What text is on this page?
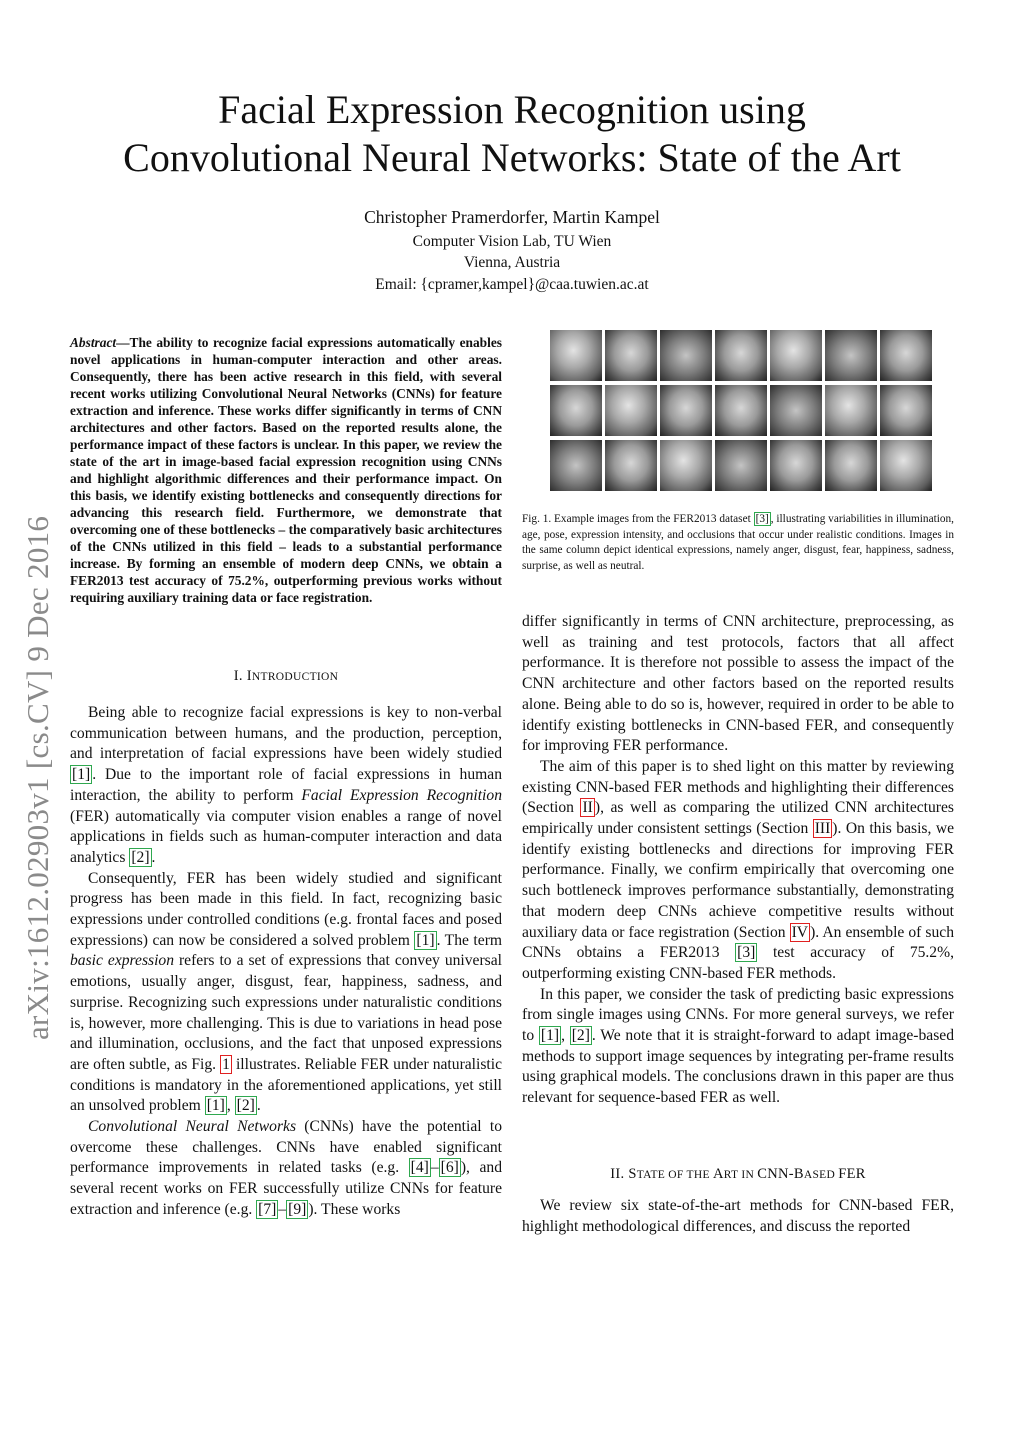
arXiv:1612.02903v1 [cs.CV] 9 Dec 2016
Facial Expression Recognition using
Convolutional Neural Networks: State of the Art
Christopher Pramerdorfer, Martin Kampel
Computer Vision Lab, TU Wien
Vienna, Austria
Email: {cpramer,kampel}@caa.tuwien.ac.at
Abstract—The ability to recognize facial expressions automatically enables novel applications in human-computer interaction and other areas. Consequently, there has been active research in this field, with several recent works utilizing Convolutional Neural Networks (CNNs) for feature extraction and inference. These works differ significantly in terms of CNN architectures and other factors. Based on the reported results alone, the performance impact of these factors is unclear. In this paper, we review the state of the art in image-based facial expression recognition using CNNs and highlight algorithmic differences and their performance impact. On this basis, we identify existing bottlenecks and consequently directions for advancing this research field. Furthermore, we demonstrate that overcoming one of these bottlenecks – the comparatively basic architectures of the CNNs utilized in this field – leads to a substantial performance increase. By forming an ensemble of modern deep CNNs, we obtain a FER2013 test accuracy of 75.2%, outperforming previous works without requiring auxiliary training data or face registration.

I. INTRODUCTION

Being able to recognize facial expressions is key to non-verbal communication between humans, and the production, perception, and interpretation of facial expressions have been widely studied [1] . Due to the important role of facial expressions in human interaction, the ability to perform Facial Expression Recognition (FER) automatically via computer vision enables a range of novel applications in fields such as human-computer interaction and data analytics [2] .

Consequently, FER has been widely studied and significant progress has been made in this field. In fact, recognizing basic expressions under controlled conditions (e.g. frontal faces and posed expressions) can now be considered a solved problem [1] . The term basic expression refers to a set of expressions that convey universal emotions, usually anger, disgust, fear, happiness, sadness, and surprise. Recognizing such expressions under naturalistic conditions is, however, more challenging. This is due to variations in head pose and illumination, occlusions, and the fact that unposed expressions are often subtle, as Fig. 1 illustrates. Reliable FER under naturalistic conditions is mandatory in the aforementioned applications, yet still an unsolved problem [1] , [2] .

Convolutional Neural Networks (CNNs) have the potential to overcome these challenges. CNNs have enabled significant performance improvements in related tasks (e.g. [4] – [6] ), and several recent works on FER successfully utilize CNNs for feature extraction and inference (e.g. [7] – [9] ). These works

Fig. 1. Example images from the FER2013 dataset [3] , illustrating variabilities in illumination, age, pose, expression intensity, and occlusions that occur under realistic conditions. Images in the same column depict identical expressions, namely anger, disgust, fear, happiness, sadness, surprise, as well as neutral.

differ significantly in terms of CNN architecture, preprocessing, as well as training and test protocols, factors that all affect performance. It is therefore not possible to assess the impact of the CNN architecture and other factors based on the reported results alone. Being able to do so is, however, required in order to be able to identify existing bottlenecks in CNN-based FER, and consequently for improving FER performance.

The aim of this paper is to shed light on this matter by reviewing existing CNN-based FER methods and highlighting their differences (Section II ), as well as comparing the utilized CNN architectures empirically under consistent settings (Section III ). On this basis, we identify existing bottlenecks and directions for improving FER performance. Finally, we confirm empirically that overcoming one such bottleneck improves performance substantially, demonstrating that modern deep CNNs achieve competitive results without auxiliary data or face registration (Section IV ). An ensemble of such CNNs obtains a FER2013 [3] test accuracy of 75.2%, outperforming existing CNN-based FER methods.

In this paper, we consider the task of predicting basic expressions from single images using CNNs. For more general surveys, we refer to [1] , [2] . We note that it is straight-forward to adapt image-based methods to support image sequences by integrating per-frame results using graphical models. The conclusions drawn in this paper are thus relevant for sequence-based FER as well.

II. STATE OF THE ART IN CNN-BASED FER

We review six state-of-the-art methods for CNN-based FER, highlight methodological differences, and discuss the reported
